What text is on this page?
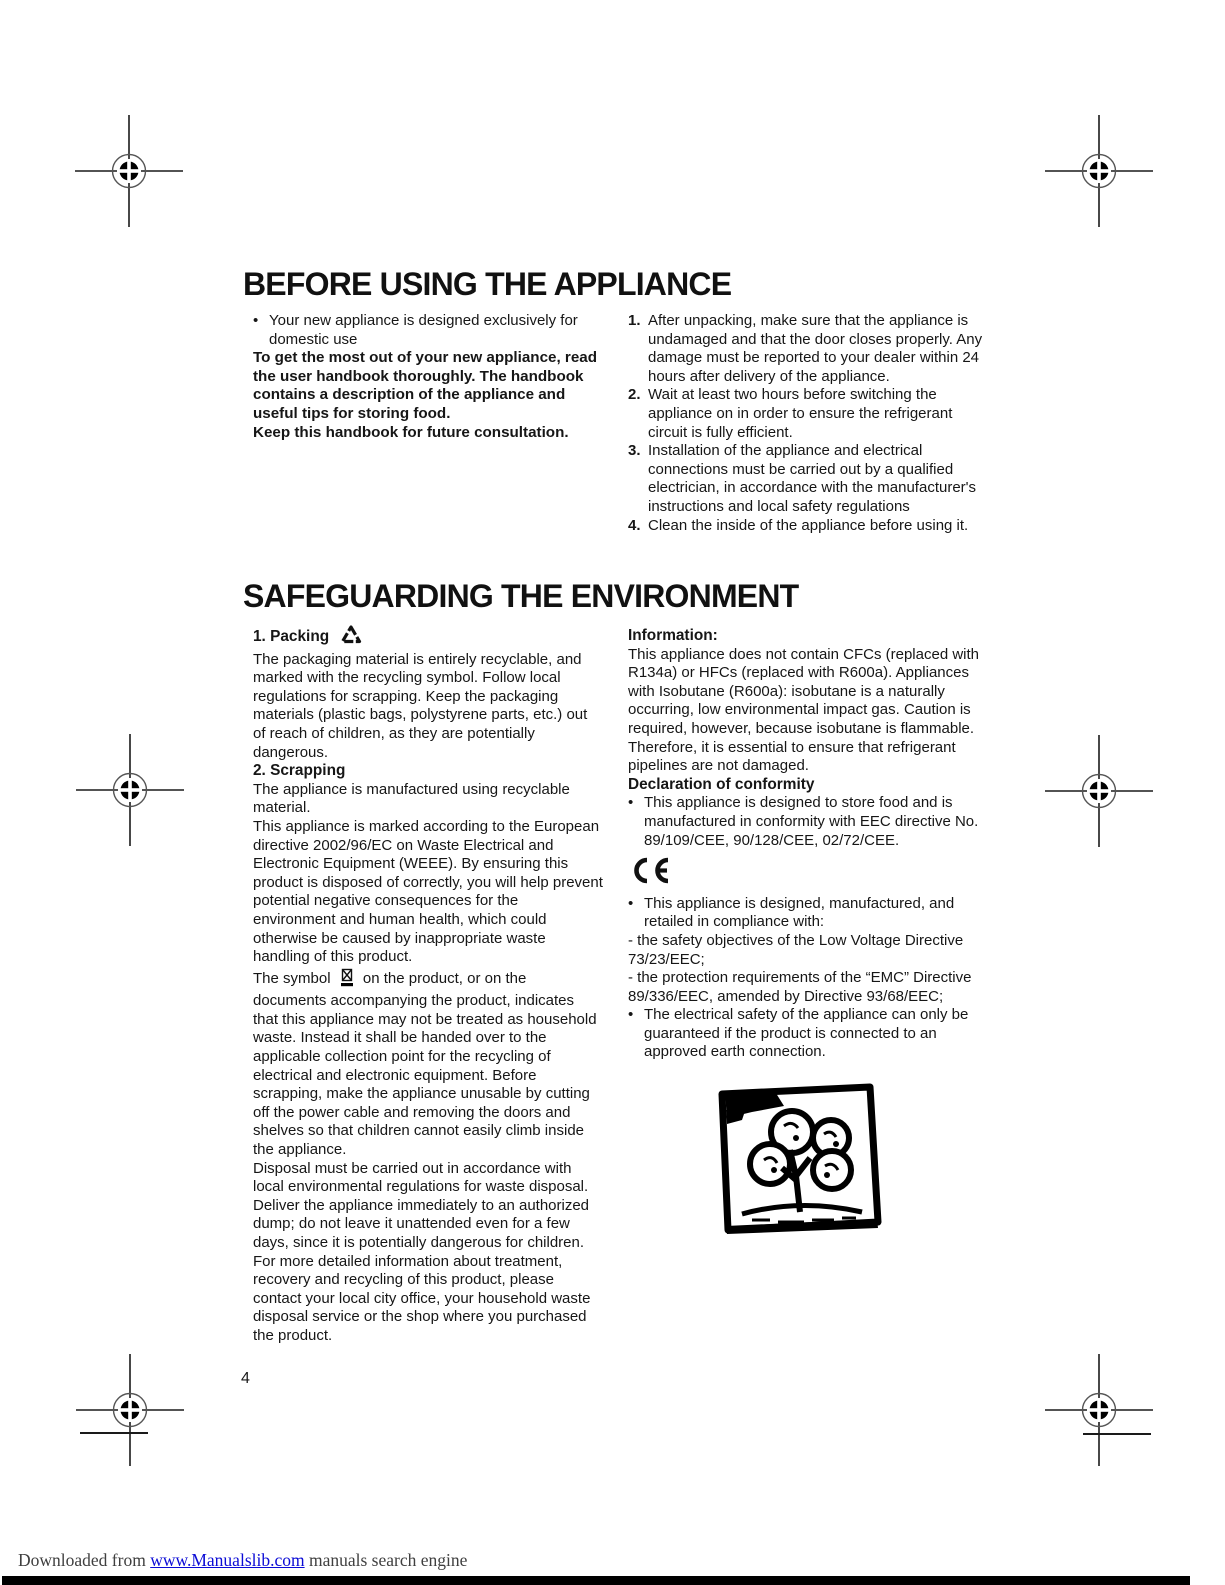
BEFORE USING THE APPLIANCE
• Your new appliance is designed exclusively for domestic use

To get the most out of your new appliance, read the user handbook thoroughly. The handbook contains a description of the appliance and useful tips for storing food.

Keep this handbook for future consultation.

1. After unpacking, make sure that the appliance is undamaged and that the door closes properly. Any damage must be reported to your dealer within 24 hours after delivery of the appliance.

2. Wait at least two hours before switching the appliance on in order to ensure the refrigerant circuit is fully efficient.

3. Installation of the appliance and electrical connections must be carried out by a qualified electrician, in accordance with the manufacturer's instructions and local safety regulations

4. Clean the inside of the appliance before using it.

SAFEGUARDING THE ENVIRONMENT
1. Packing

The packaging material is entirely recyclable, and marked with the recycling symbol. Follow local regulations for scrapping. Keep the packaging materials (plastic bags, polystyrene parts, etc.) out of reach of children, as they are potentially dangerous.

2. Scrapping

The appliance is manufactured using recyclable material.

This appliance is marked according to the European directive 2002/96/EC on Waste Electrical and Electronic Equipment (WEEE). By ensuring this product is disposed of correctly, you will help prevent potential negative consequences for the environment and human health, which could otherwise be caused by inappropriate waste handling of this product.

The symbol on the product, or on the documents accompanying the product, indicates that this appliance may not be treated as household waste. Instead it shall be handed over to the applicable collection point for the recycling of electrical and electronic equipment. Before scrapping, make the appliance unusable by cutting off the power cable and removing the doors and shelves so that children cannot easily climb inside the appliance.

Disposal must be carried out in accordance with local environmental regulations for waste disposal. Deliver the appliance immediately to an authorized dump; do not leave it unattended even for a few days, since it is potentially dangerous for children. For more detailed information about treatment, recovery and recycling of this product, please contact your local city office, your household waste disposal service or the shop where you purchased the product.

Information:

This appliance does not contain CFCs (replaced with R134a) or HFCs (replaced with R600a). Appliances with Isobutane (R600a): isobutane is a naturally occurring, low environmental impact gas. Caution is required, however, because isobutane is flammable. Therefore, it is essential to ensure that refrigerant pipelines are not damaged.

Declaration of conformity

• This appliance is designed to store food and is manufactured in conformity with EEC directive No. 89/109/CEE, 90/128/CEE, 02/72/CEE.

• This appliance is designed, manufactured, and retailed in compliance with:

- the safety objectives of the Low Voltage Directive 73/23/EEC;

- the protection requirements of the “EMC” Directive 89/336/EEC, amended by Directive 93/68/EEC;

• The electrical safety of the appliance can only be guaranteed if the product is connected to an approved earth connection.

4
Downloaded from www.Manualslib.com manuals search engine
